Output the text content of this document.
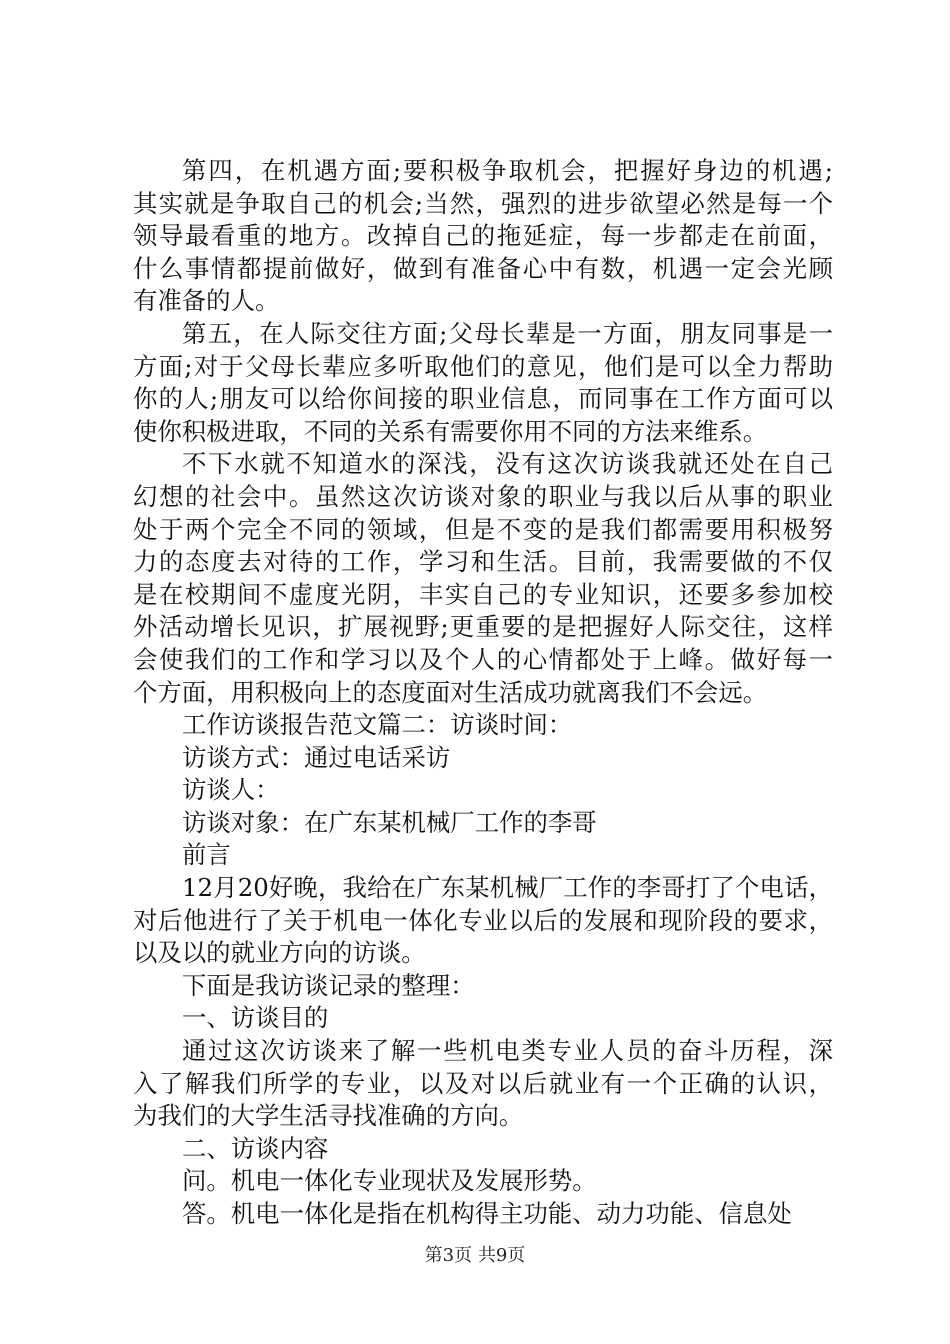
第四，在机遇方面;要积极争取机会，把握好身边的机遇;
其实就是争取自己的机会;当然，强烈的进步欲望必然是每一个
领导最看重的地方。改掉自己的拖延症，每一步都走在前面，
什么事情都提前做好，做到有准备心中有数，机遇一定会光顾
有准备的人。

第五，在人际交往方面;父母长辈是一方面，朋友同事是一
方面;对于父母长辈应多听取他们的意见，他们是可以全力帮助
你的人;朋友可以给你间接的职业信息，而同事在工作方面可以
使你积极进取，不同的关系有需要你用不同的方法来维系。

不下水就不知道水的深浅，没有这次访谈我就还处在自己
幻想的社会中。虽然这次访谈对象的职业与我以后从事的职业
处于两个完全不同的领域，但是不变的是我们都需要用积极努
力的态度去对待的工作，学习和生活。目前，我需要做的不仅
是在校期间不虚度光阴，丰实自己的专业知识，还要多参加校
外活动增长见识，扩展视野;更重要的是把握好人际交往，这样
会使我们的工作和学习以及个人的心情都处于上峰。做好每一
个方面，用积极向上的态度面对生活成功就离我们不会远。

工作访谈报告范文篇二：访谈时间：

访谈方式：通过电话采访

访谈人：

访谈对象：在广东某机械厂工作的李哥

前言

12月20好晚，我给在广东某机械厂工作的李哥打了个电话，
对后他进行了关于机电一体化专业以后的发展和现阶段的要求，
以及以的就业方向的访谈。

下面是我访谈记录的整理：

一、访谈目的

通过这次访谈来了解一些机电类专业人员的奋斗历程，深
入了解我们所学的专业，以及对以后就业有一个正确的认识，
为我们的大学生活寻找准确的方向。

二、访谈内容

问。机电一体化专业现状及发展形势。

答。机电一体化是指在机构得主功能、动力功能、信息处

第3页 共9页
